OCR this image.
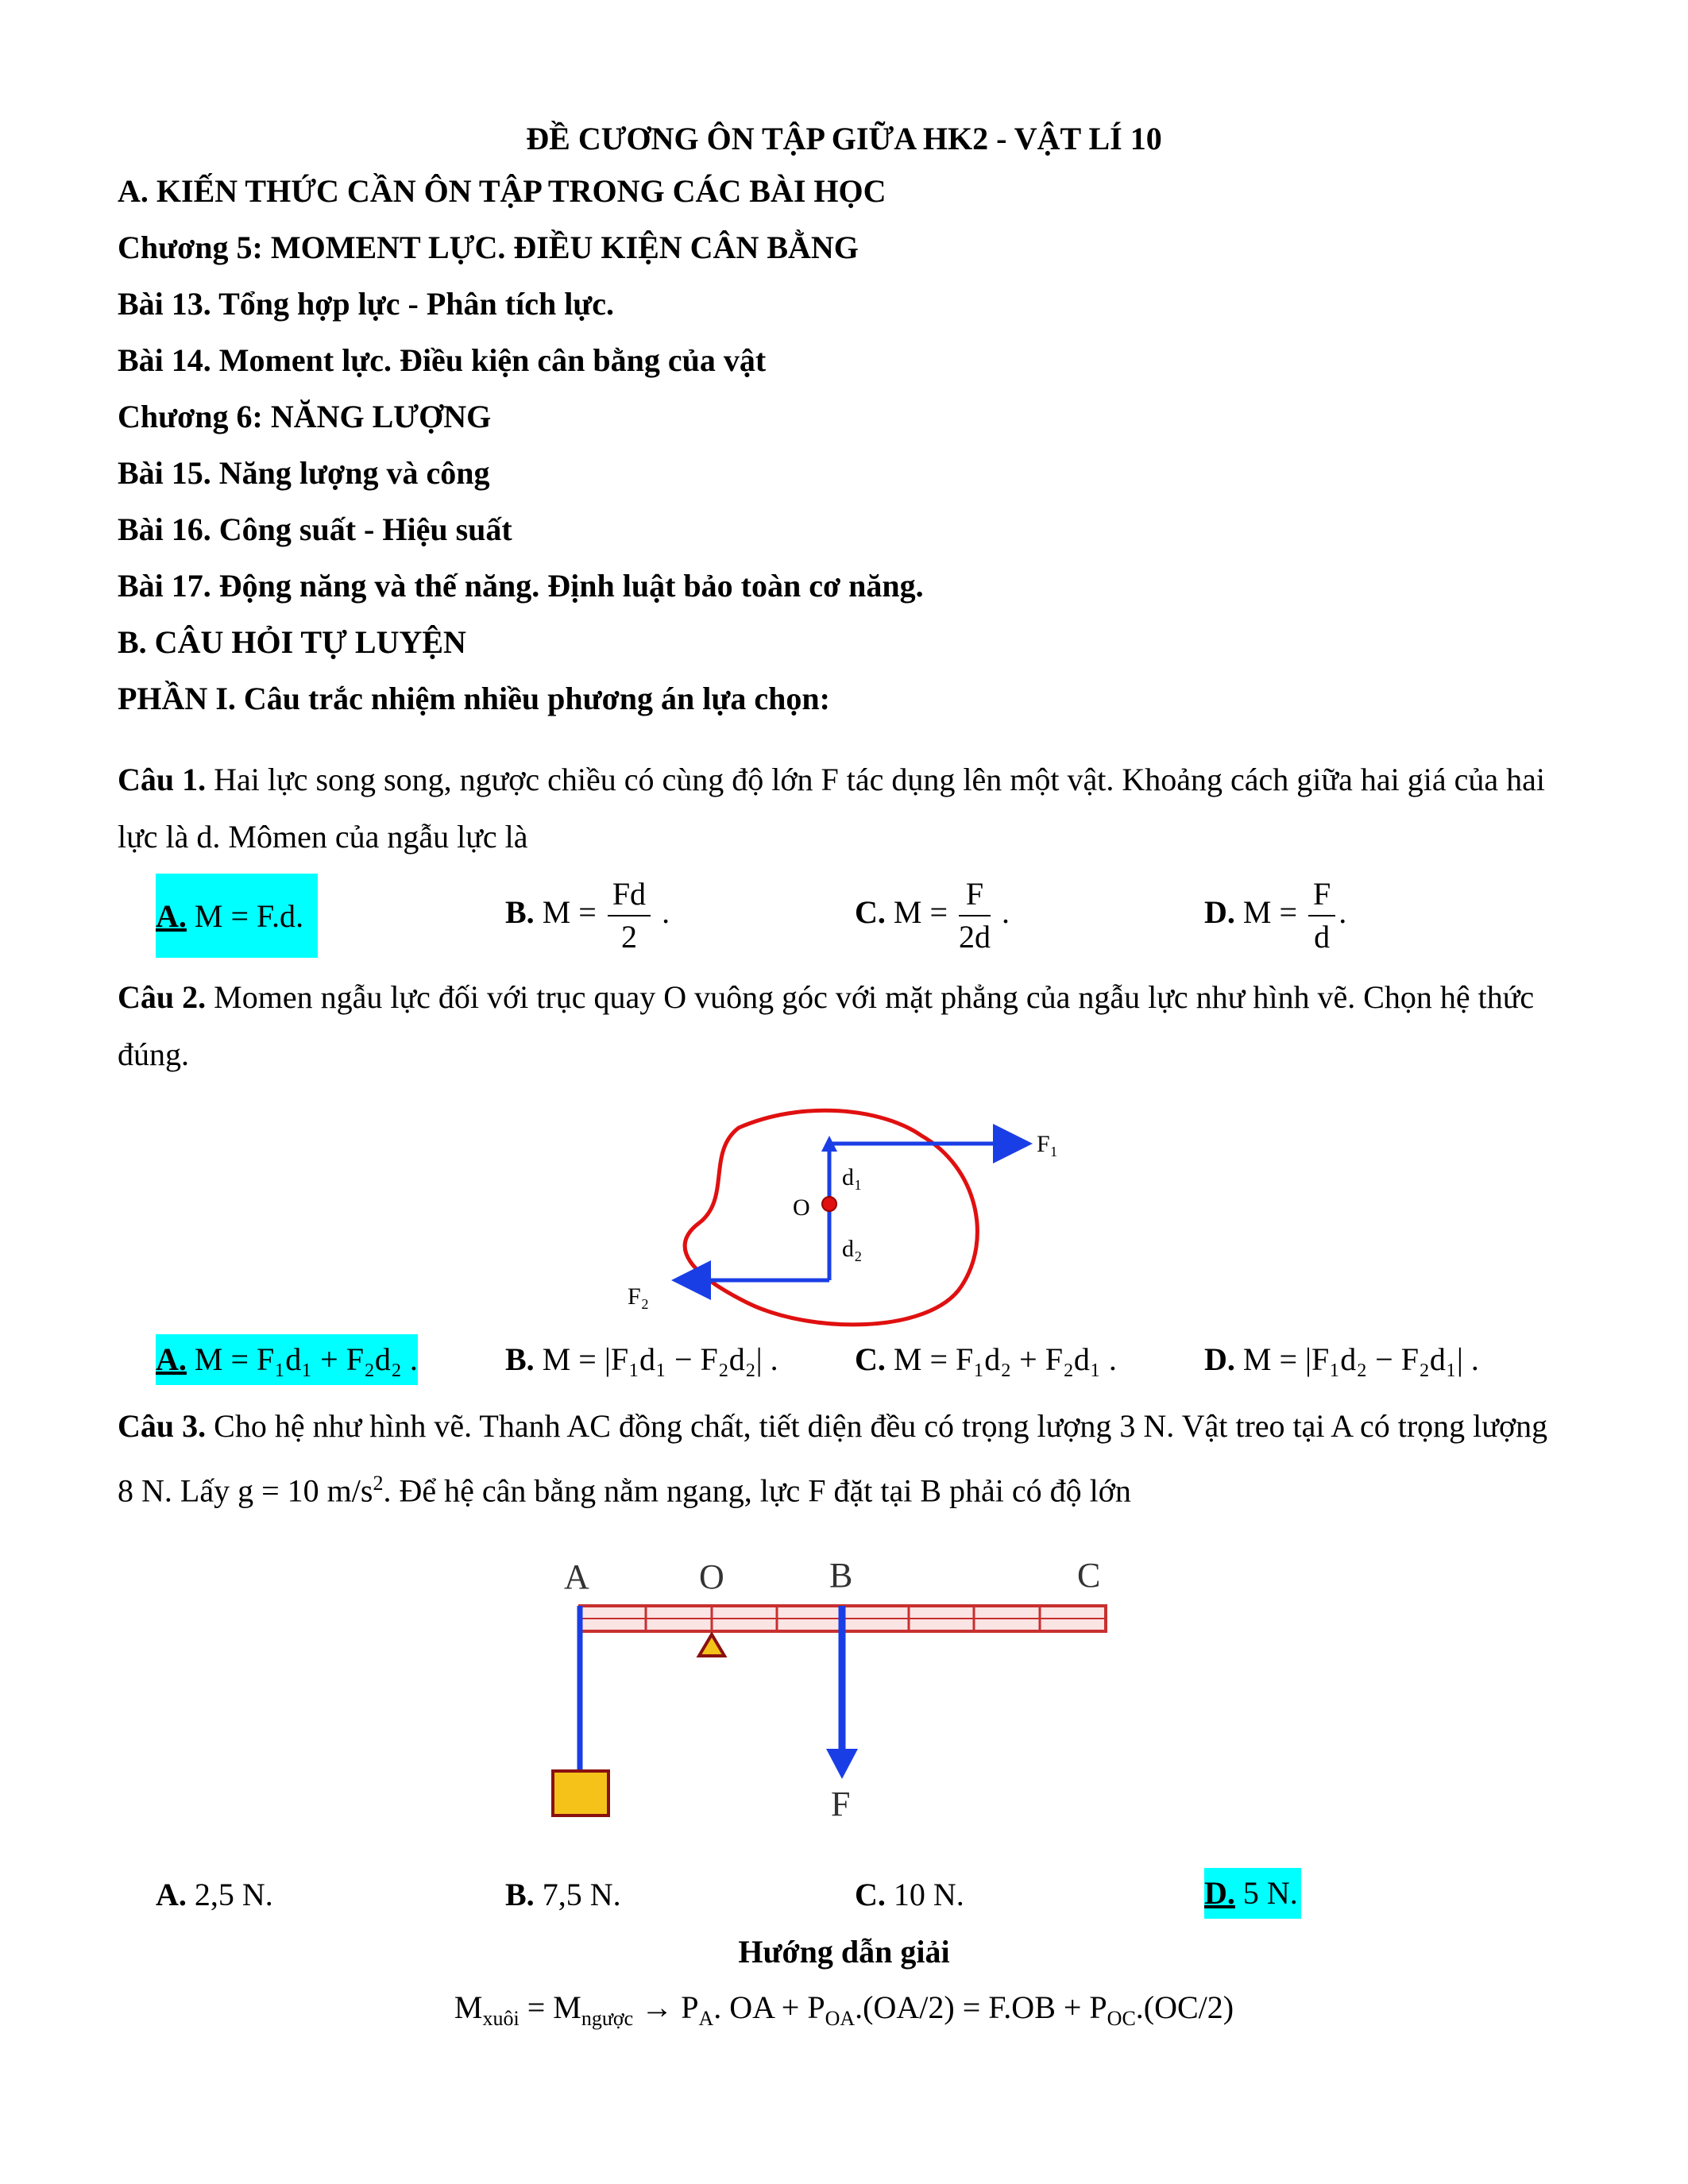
ĐỀ CƯƠNG ÔN TẬP GIỮA HK2 - VẬT LÍ 10
A. KIẾN THỨC CẦN ÔN TẬP TRONG CÁC BÀI HỌC
Chương 5: MOMENT LỰC. ĐIỀU KIỆN CÂN BẰNG
Bài 13. Tổng hợp lực - Phân tích lực.
Bài 14. Moment lực. Điều kiện cân bằng của vật
Chương 6: NĂNG LƯỢNG
Bài 15. Năng lượng và công
Bài 16. Công suất - Hiệu suất
Bài 17. Động năng và thế năng. Định luật bảo toàn cơ năng.
B. CÂU HỎI TỰ LUYỆN
PHẦN I. Câu trắc nhiệm nhiều phương án lựa chọn:
Câu 1. Hai lực song song, ngược chiều có cùng độ lớn F tác dụng lên một vật. Khoảng cách giữa hai giá của hai lực là d. Mômen của ngẫu lực là
A. M = F.d.	B. $M = \frac{Fd}{2}$ .	C. $M = \frac{F}{2d}$ .	D. $M = \frac{F}{d}$ .
Câu 2. Momen ngẫu lực đối với trục quay O vuông góc với mặt phẳng của ngẫu lực như hình vẽ. Chọn hệ thức đúng.
F₁
F₂
d₁
d₂
O
A. M = F₁d₁ + F₂d₂ .	B. M = |F₁d₁ − F₂d₂| . C. M = F₁d₂ + F₂d₁ .	D. M = |F₁d₂ − F₂d₁| .
Câu 3. Cho hệ như hình vẽ. Thanh AC đồng chất, tiết diện đều có trọng lượng 3 N. Vật treo tại A có trọng lượng 8 N. Lấy g = 10 $m/s^2$. Để hệ cân bằng nằm ngang, lực F đặt tại B phải có độ lớn
A	O	B	C
F
A. 2,5 N.	B. 7,5 N.	C. 10 N.	D. 5 N.
Hướng dẫn giải
$M_{xuôi} = M_{ngược} \to P_A$. OA + $P_{OA}.(OA/2) = F.OB + P_{OC}.(OC/2)$
